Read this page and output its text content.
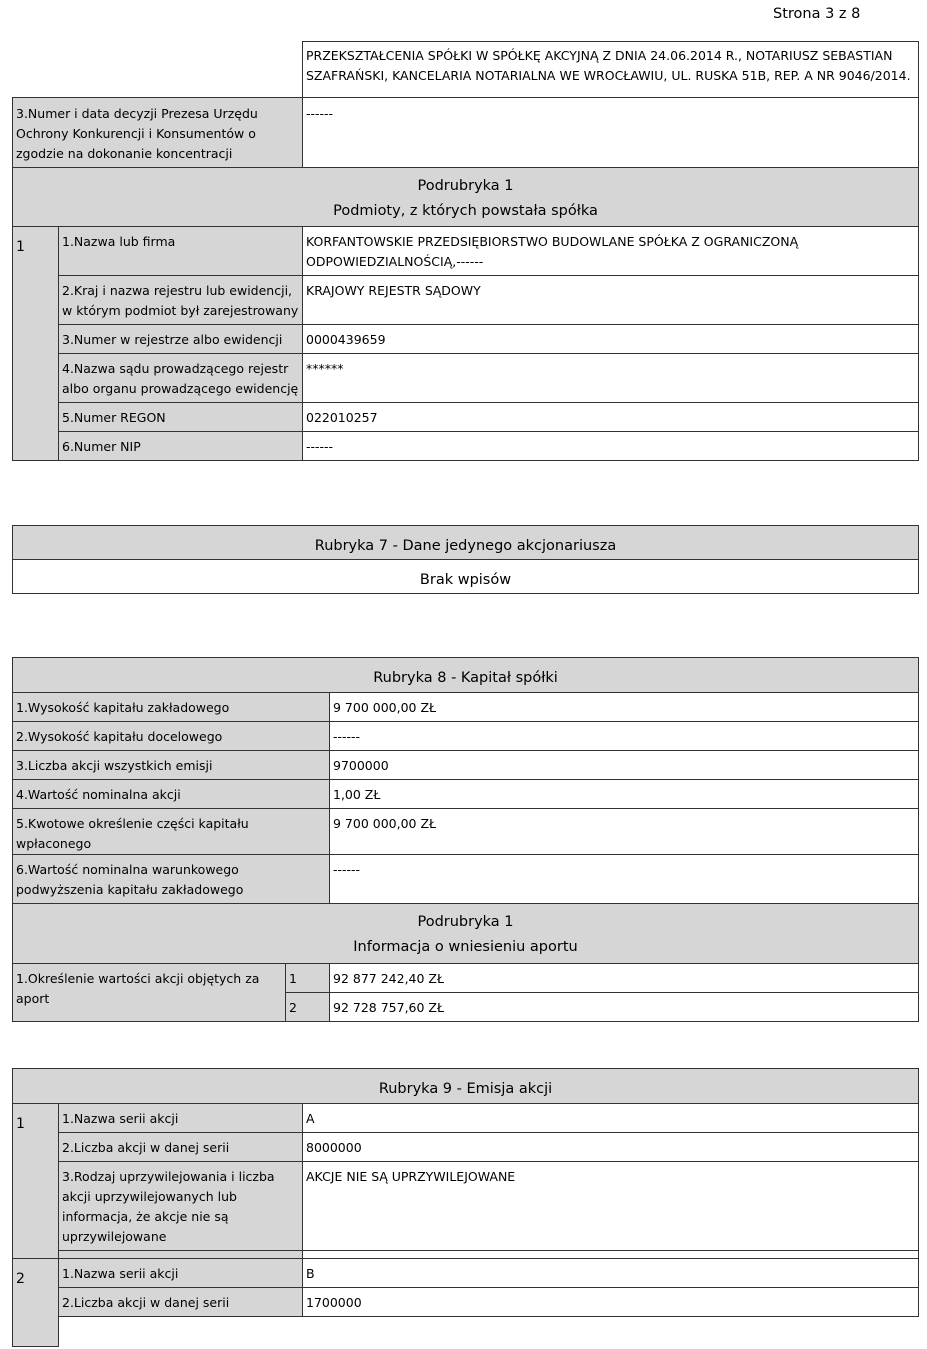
Strona 3 z 8
		PRZEKSZTAŁCENIA SPÓŁKI W SPÓŁKĘ AKCYJNĄ Z DNIA 24.06.2014 R., NOTARIUSZ SEBASTIAN SZAFRAŃSKI, KANCELARIA NOTARIALNA WE WROCŁAWIU, UL. RUSKA 51B, REP. A NR 9046/2014.
3.Numer i data decyzji Prezesa Urzędu Ochrony Konkurencji i Konsumentów o zgodzie na dokonanie koncentracji		------

Podrubryka 1
Podmioty, z których powstała spółka		

1	1.Nazwa lub firma	KORFANTOWSKIE PRZEDSIĘBIORSTWO BUDOWLANE SPÓŁKA Z OGRANICZONĄ ODPOWIEDZIALNOŚCIĄ,------
	2.Kraj i nazwa rejestru lub ewidencji, w którym podmiot był zarejestrowany	KRAJOWY REJESTR SĄDOWY
	3.Numer w rejestrze albo ewidencji	0000439659
	4.Nazwa sądu prowadzącego rejestr albo organu prowadzącego ewidencję	******
	5.Numer REGON	022010257
	6.Numer NIP	------
Rubryka 7 - Dane jedynego akcjonariusza
Brak wpisów
Rubryka 8 - Kapitał spółki		
1.Wysokość kapitału zakładowego		9 700 000,00 ZŁ
2.Wysokość kapitału docelowego		------
3.Liczba akcji wszystkich emisji		9700000
4.Wartość nominalna akcji		1,00 ZŁ
5.Kwotowe określenie części kapitału wpłaconego		9 700 000,00 ZŁ
6.Wartość nominalna warunkowego podwyższenia kapitału zakładowego		------

Podrubryka 1
Informacja o wniesieniu aportu		

1.Określenie wartości akcji objętych za aport	1	92 877 242,40 ZŁ
	2	92 728 757,60 ZŁ
Rubryka 9 - Emisja akcji		
1	1.Nazwa serii akcji	A
	2.Liczba akcji w danej serii	8000000
	3.Rodzaj uprzywilejowania i liczba akcji uprzywilejowanych lub informacja, że akcje nie są uprzywilejowane	AKCJE NIE SĄ UPRZYWILEJOWANE

2	1.Nazwa serii akcji	B
	2.Liczba akcji w danej serii	1700000
